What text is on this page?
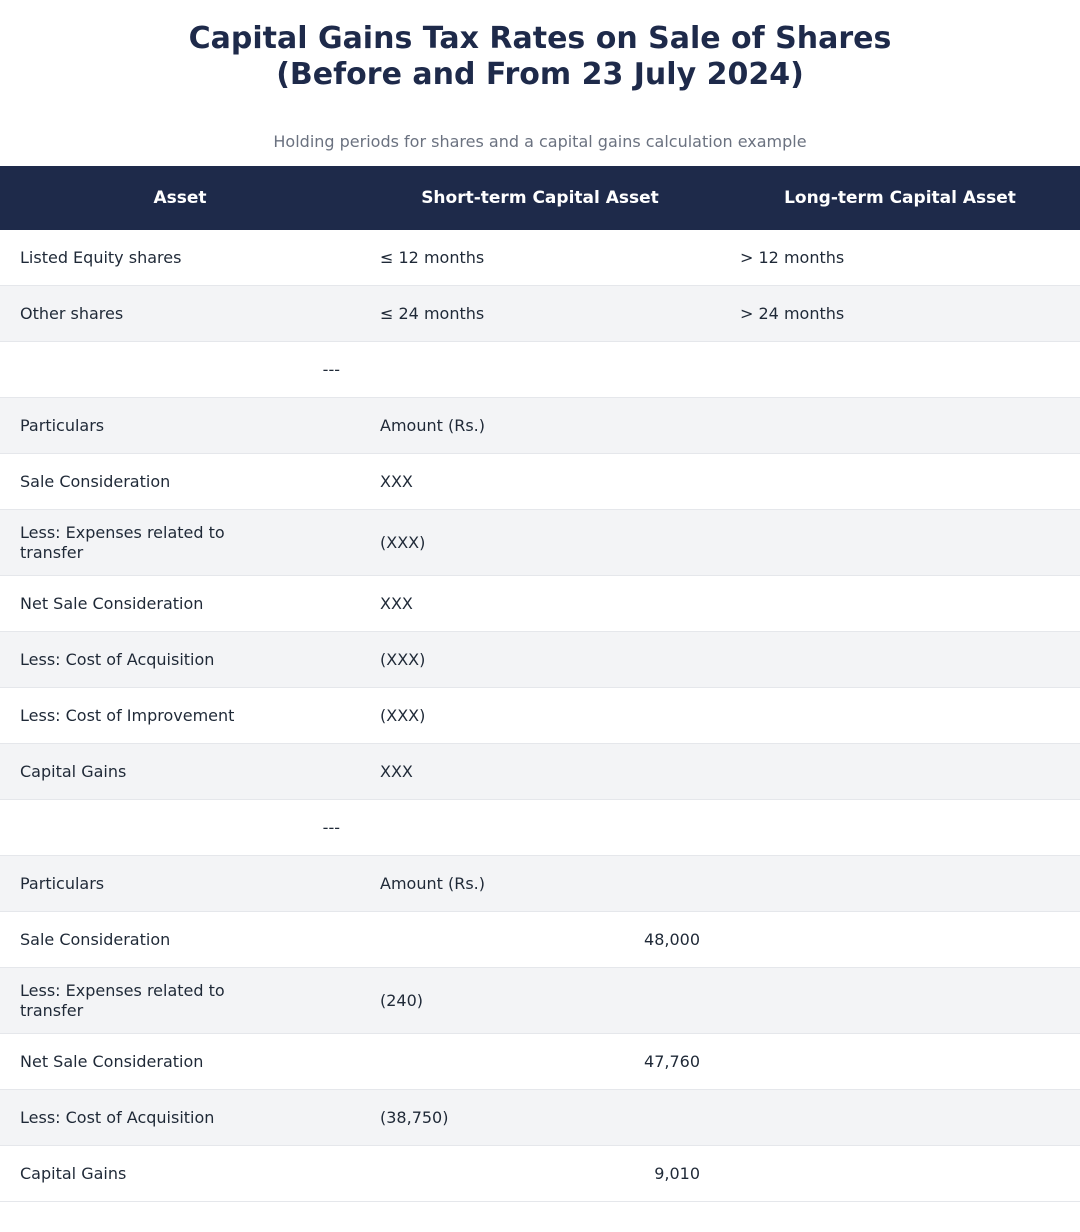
Capital Gains Tax Rates on Sale of Shares
(Before and From 23 July 2024)
Holding periods for shares and a capital gains calculation example
Asset	Short-term Capital Asset	Long-term Capital Asset
Listed Equity shares	≤ 12 months	> 12 months
Other shares	≤ 24 months	> 24 months
---
Particulars	Amount (Rs.)
Sale Consideration	XXX
Less: Expenses related to transfer	(XXX)
Net Sale Consideration	XXX
Less: Cost of Acquisition	(XXX)
Less: Cost of Improvement	(XXX)
Capital Gains	XXX
---
Particulars	Amount (Rs.)
Sale Consideration	48,000
Less: Expenses related to transfer	(240)
Net Sale Consideration	47,760
Less: Cost of Acquisition	(38,750)
Capital Gains	9,010
